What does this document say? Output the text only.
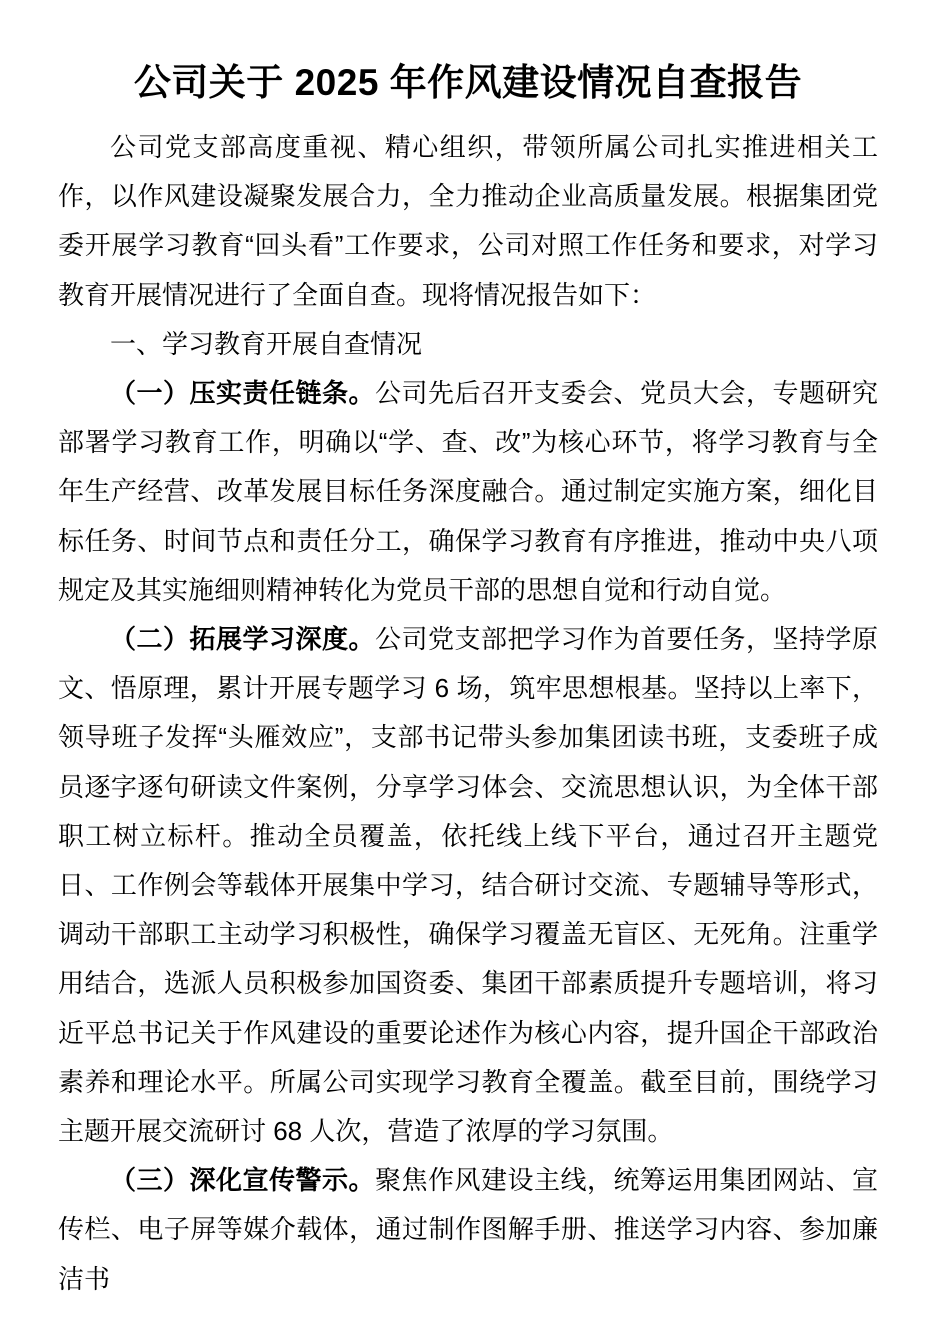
公司关于 2025 年作风建设情况自查报告

公司党支部高度重视、精心组织，带领所属公司扎实推进相关工作，以作风建设凝聚发展合力，全力推动企业高质量发展。根据集团党委开展学习教育“回头看”工作要求，公司对照工作任务和要求，对学习教育开展情况进行了全面自查。现将情况报告如下：

一、学习教育开展自查情况

（一）压实责任链条。公司先后召开支委会、党员大会，专题研究部署学习教育工作，明确以“学、查、改”为核心环节，将学习教育与全年生产经营、改革发展目标任务深度融合。通过制定实施方案，细化目标任务、时间节点和责任分工，确保学习教育有序推进，推动中央八项规定及其实施细则精神转化为党员干部的思想自觉和行动自觉。

（二）拓展学习深度。公司党支部把学习作为首要任务，坚持学原文、悟原理，累计开展专题学习 6 场，筑牢思想根基。坚持以上率下，领导班子发挥“头雁效应”，支部书记带头参加集团读书班，支委班子成员逐字逐句研读文件案例，分享学习体会、交流思想认识，为全体干部职工树立标杆。推动全员覆盖，依托线上线下平台，通过召开主题党日、工作例会等载体开展集中学习，结合研讨交流、专题辅导等形式，调动干部职工主动学习积极性，确保学习覆盖无盲区、无死角。注重学用结合，选派人员积极参加国资委、集团干部素质提升专题培训，将习近平总书记关于作风建设的重要论述作为核心内容，提升国企干部政治素养和理论水平。所属公司实现学习教育全覆盖。截至目前，围绕学习主题开展交流研讨 68 人次，营造了浓厚的学习氛围。

（三）深化宣传警示。聚焦作风建设主线，统筹运用集团网站、宣传栏、电子屏等媒介载体，通过制作图解手册、推送学习内容、参加廉洁书
